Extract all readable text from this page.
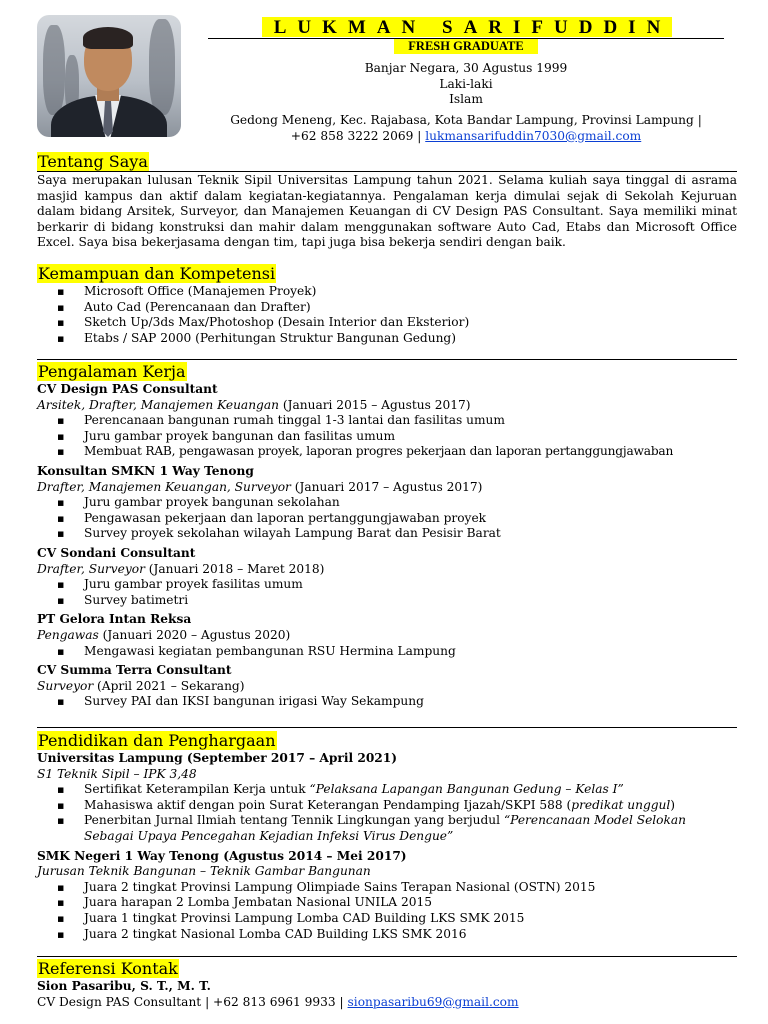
LUKMAN SARIFUDDIN
FRESH GRADUATE
Banjar Negara, 30 Agustus 1999
Laki-laki
Islam
Gedong Meneng, Kec. Rajabasa, Kota Bandar Lampung, Provinsi Lampung |
+62 858 3222 2069 | lukmansarifuddin7030@gmail.com
Tentang Saya
Saya merupakan lulusan Teknik Sipil Universitas Lampung tahun 2021. Selama kuliah saya tinggal di asrama masjid kampus dan aktif dalam kegiatan-kegiatannya. Pengalaman kerja dimulai sejak di Sekolah Kejuruan dalam bidang Arsitek, Surveyor, dan Manajemen Keuangan di CV Design PAS Consultant. Saya memiliki minat berkarir di bidang konstruksi dan mahir dalam menggunakan software Auto Cad, Etabs dan Microsoft Office Excel. Saya bisa bekerjasama dengan tim, tapi juga bisa bekerja sendiri dengan baik.
Kemampuan dan Kompetensi
▪ Microsoft Office (Manajemen Proyek)
▪ Auto Cad (Perencanaan dan Drafter)
▪ Sketch Up/3ds Max/Photoshop (Desain Interior dan Eksterior)
▪ Etabs / SAP 2000 (Perhitungan Struktur Bangunan Gedung)
Pengalaman Kerja
CV Design PAS Consultant
Arsitek, Drafter, Manajemen Keuangan (Januari 2015 – Agustus 2017)
▪ Perencanaan bangunan rumah tinggal 1-3 lantai dan fasilitas umum
▪ Juru gambar proyek bangunan dan fasilitas umum
▪ Membuat RAB, pengawasan proyek, laporan progres pekerjaan dan laporan pertanggungjawaban
Konsultan SMKN 1 Way Tenong
Drafter, Manajemen Keuangan, Surveyor (Januari 2017 – Agustus 2017)
▪ Juru gambar proyek bangunan sekolahan
▪ Pengawasan pekerjaan dan laporan pertanggungjawaban proyek
▪ Survey proyek sekolahan wilayah Lampung Barat dan Pesisir Barat
CV Sondani Consultant
Drafter, Surveyor (Januari 2018 – Maret 2018)
▪ Juru gambar proyek fasilitas umum
▪ Survey batimetri
PT Gelora Intan Reksa
Pengawas (Januari 2020 – Agustus 2020)
▪ Mengawasi kegiatan pembangunan RSU Hermina Lampung
CV Summa Terra Consultant
Surveyor (April 2021 – Sekarang)
▪ Survey PAI dan IKSI bangunan irigasi Way Sekampung
Pendidikan dan Penghargaan
Universitas Lampung (September 2017 – April 2021)
S1 Teknik Sipil – IPK 3,48
▪ Sertifikat Keterampilan Kerja untuk “Pelaksana Lapangan Bangunan Gedung – Kelas I”
▪ Mahasiswa aktif dengan poin Surat Keterangan Pendamping Ijazah/SKPI 588 (predikat unggul)
▪ Penerbitan Jurnal Ilmiah tentang Tennik Lingkungan yang berjudul “Perencanaan Model Selokan Sebagai Upaya Pencegahan Kejadian Infeksi Virus Dengue”
SMK Negeri 1 Way Tenong (Agustus 2014 – Mei 2017)
Jurusan Teknik Bangunan – Teknik Gambar Bangunan
▪ Juara 2 tingkat Provinsi Lampung Olimpiade Sains Terapan Nasional (OSTN) 2015
▪ Juara harapan 2 Lomba Jembatan Nasional UNILA 2015
▪ Juara 1 tingkat Provinsi Lampung Lomba CAD Building LKS SMK 2015
▪ Juara 2 tingkat Nasional Lomba CAD Building LKS SMK 2016
Referensi Kontak
Sion Pasaribu, S. T., M. T.
CV Design PAS Consultant | +62 813 6961 9933 | sionpasaribu69@gmail.com
